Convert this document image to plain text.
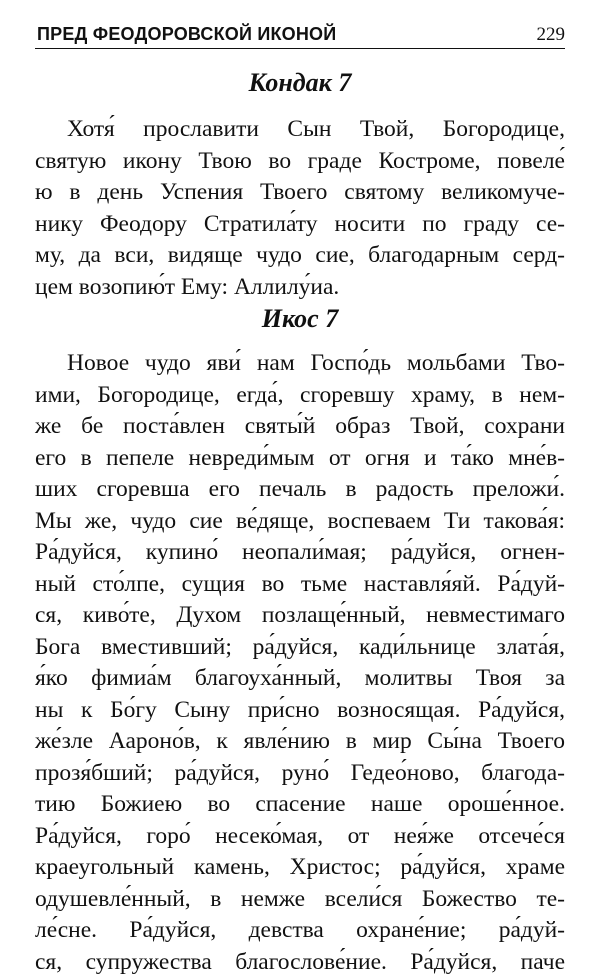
ПРЕД ФЕОДОРОВСКОЙ ИКОНОЙ	229
Кондак 7
Хотя́ прославити Сын Твой, Богородице,
святую икону Твою во граде Костроме, повеле́
ю в день Успения Твоего святому великомуче-
нику Феодору Стратила́ту носити по граду се-
му, да вси, видяще чудо сие, благодарным серд-
цем возопию́т Ему: Аллилу́иа.
Икос 7
Новое чудо яви́ нам Госпо́дь мольбами Тво-
ими, Богородице, егда́, сгоревшу храму, в нем-
же бе поста́влен святы́й образ Твой, сохрани
его в пепеле невреди́мым от огня и та́ко мне́в-
ших сгоревша его печаль в радость преложи́.
Мы же, чудо сие ве́дяще, воспеваем Ти такова́я:
Ра́дуйся, купино́ неопали́мая; ра́дуйся, огнен-
ный сто́лпе, сущия во тьме наставля́яй. Ра́дуй-
ся, киво́те, Духом позлаще́нный, невместимаго
Бога вместивший; ра́дуйся, кади́льнице злата́я,
я́ко фимиа́м благоуха́нный, молитвы Твоя за
ны к Бо́гу Сыну при́сно возносящая. Ра́дуйся,
же́зле Аароно́в, к явле́нию в мир Сы́на Твоего
прозя́бший; ра́дуйся, руно́ Гедео́ново, благода-
тию Божиею во спасение наше ороше́нное.
Ра́дуйся, горо́ несеко́мая, от нея́же отсече́ся
краеугольный камень, Христос; ра́дуйся, храме
одушевле́нный, в немже всели́ся Божество те-
ле́сне. Ра́дуйся, девства охране́ние; ра́дуй-
ся, супружества благослове́ние. Ра́дуйся, паче
